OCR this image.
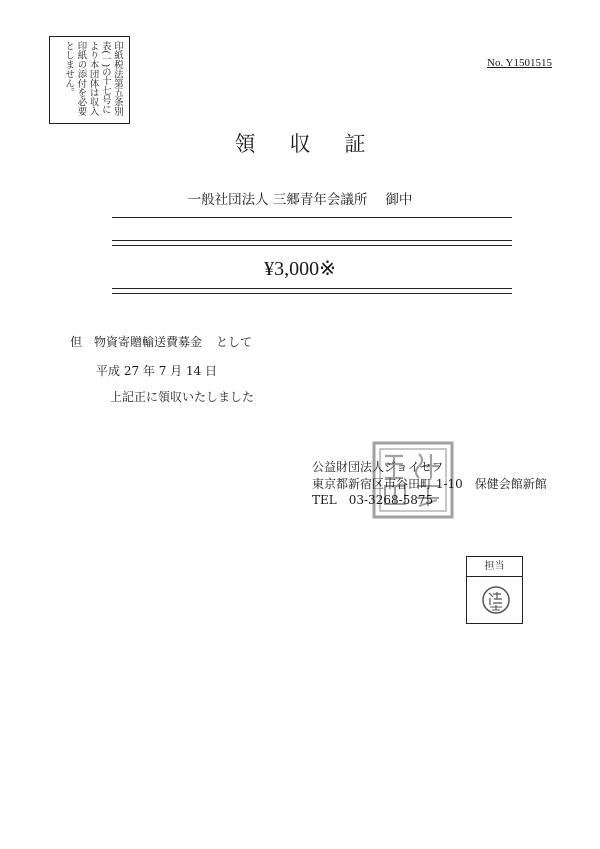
印紙税法第五条別
表(一)の十七号に
より本団体は収入
印紙の添付を必要
としません。	No. Y1501515
領収証
一般社団法人 三郷青年会議所 御中
¥3,000※
但 物資寄贈輸送費募金 として
平成 27 年 7 月 14 日
上記正に領収いたしました
公益財団法人ジョイセフ
東京都新宿区市谷田町 1-10　保健会館新館
TEL　03-3268-5875
担当
